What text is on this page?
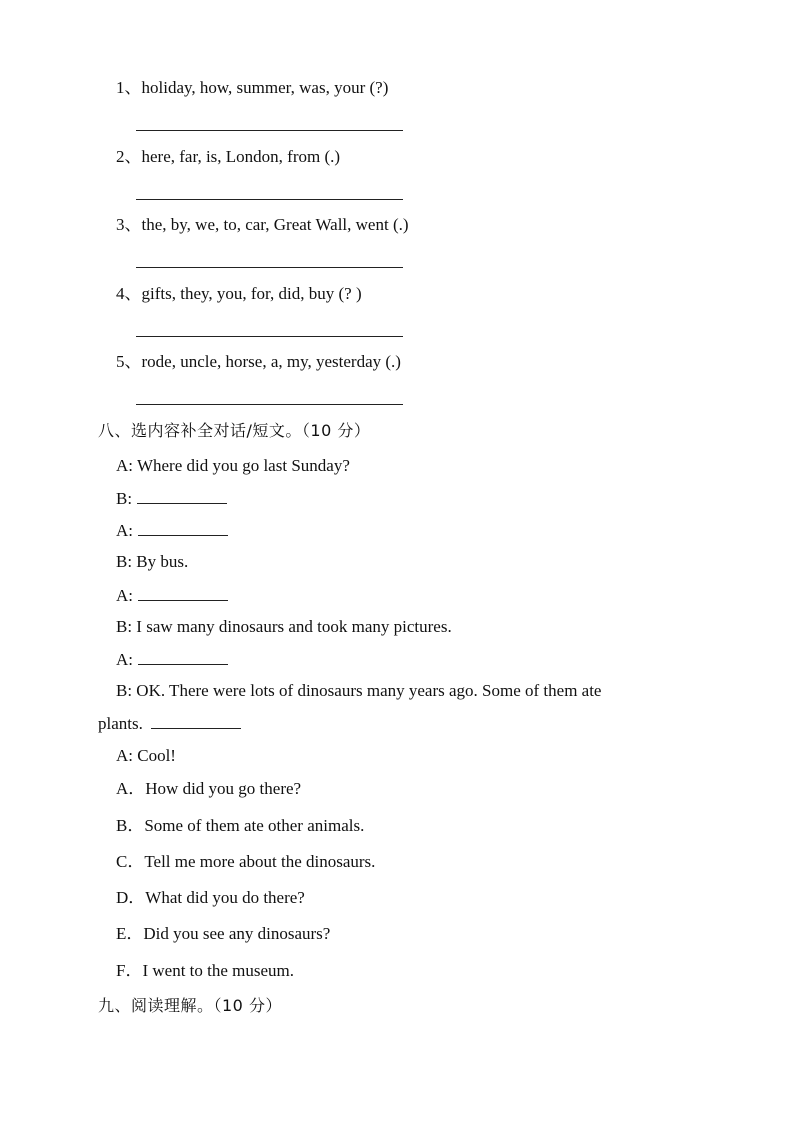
1、holiday, how, summer, was, your (?)
2、here, far, is, London, from (.)
3、the, by, we, to, car, Great Wall, went (.)
4、gifts, they, you, for, did, buy (? )
5、rode, uncle, horse, a, my, yesterday (.)
八、选内容补全对话/短文。（10 分）
A: Where did you go last Sunday?
B:
A:
B: By bus.
A:
B: I saw many dinosaurs and took many pictures.
A:
B: OK. There were lots of dinosaurs many years ago. Some of them ate
plants.
A: Cool!
A．How did you go there?
B．Some of them ate other animals.
C．Tell me more about the dinosaurs.
D．What did you do there?
E．Did you see any dinosaurs?
F．I went to the museum.
九、阅读理解。（10 分）
